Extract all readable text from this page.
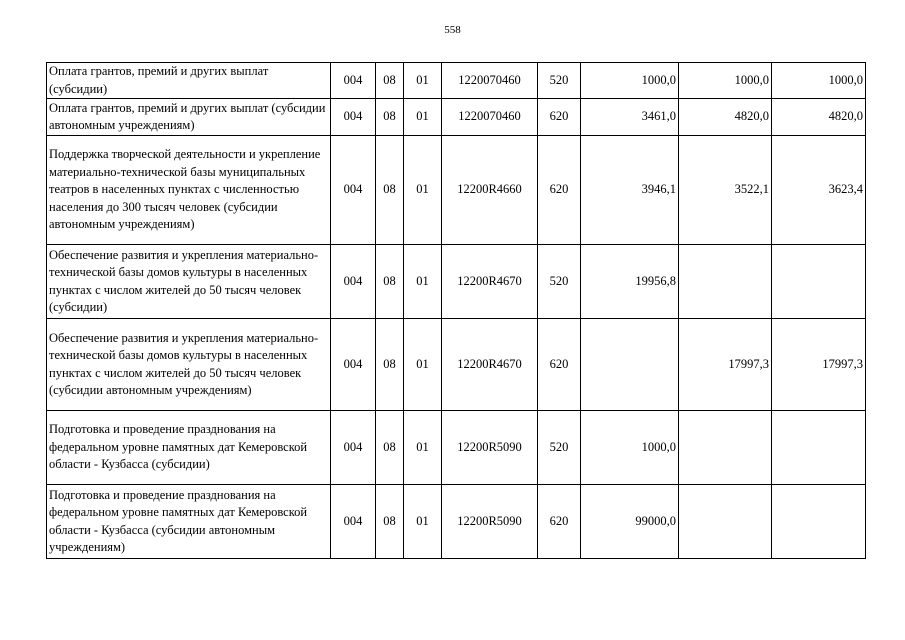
558
Оплата грантов, премий и других выплат (субсидии)	004	08	01	1220070460	520	1000,0	1000,0	1000,0
Оплата грантов, премий и других выплат (субсидии автономным учреждениям)	004	08	01	1220070460	620	3461,0	4820,0	4820,0
Поддержка творческой деятельности и укрепление материально-технической базы муниципальных театров в населенных пунктах с численностью населения до 300 тысяч человек (субсидии автономным учреждениям)	004	08	01	12200R4660	620	3946,1	3522,1	3623,4
Обеспечение развития и укрепления материально-технической базы домов культуры в населенных пунктах с числом жителей до 50 тысяч человек (субсидии)	004	08	01	12200R4670	520	19956,8		
Обеспечение развития и укрепления материально-технической базы домов культуры в населенных пунктах с числом жителей до 50 тысяч человек (субсидии автономным учреждениям)	004	08	01	12200R4670	620		17997,3	17997,3
Подготовка и проведение празднования на федеральном уровне памятных дат Кемеровской области - Кузбасса (субсидии)	004	08	01	12200R5090	520	1000,0		
Подготовка и проведение празднования на федеральном уровне памятных дат Кемеровской области - Кузбасса (субсидии автономным учреждениям)	004	08	01	12200R5090	620	99000,0		
